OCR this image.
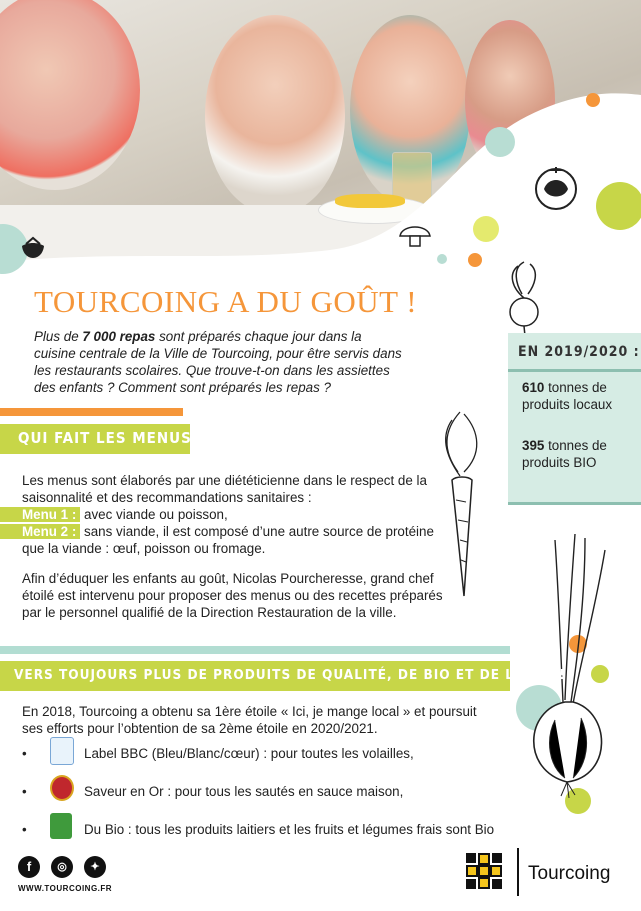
TOURCOING A DU GOÛT !
Plus de 7 000 repas sont préparés chaque jour dans la cuisine centrale de la Ville de Tourcoing, pour être servis dans les restaurants scolaires. Que trouve-t-on dans les assiettes des enfants ? Comment sont préparés les repas ?
EN 2019/2020 :
610 tonnes de produits locaux
395 tonnes de produits BIO
QUI FAIT LES MENUS ?
Les menus sont élaborés par une diététicienne dans le respect de la saisonnalité et des recommandations sanitaires :
Menu 1 : avec viande ou poisson,
Menu 2 : sans viande, il est composé d’une autre source de protéine que la viande : œuf, poisson ou fromage.
Afin d’éduquer les enfants au goût, Nicolas Pourcheresse, grand chef étoilé est intervenu pour proposer des menus ou des recettes préparés par le personnel qualifié de la Direction Restauration de la ville.
VERS TOUJOURS PLUS DE PRODUITS DE QUALITÉ, DE BIO ET DE LOCAL !
En 2018, Tourcoing a obtenu sa 1ère étoile « Ici, je mange local » et poursuit ses efforts pour l’obtention de sa 2ème étoile en 2020/2021.
•	Label BBC (Bleu/Blanc/cœur) : pour toutes les volailles,
•	Saveur en Or : pour tous les sautés en sauce maison,
•	Du Bio : tous les produits laitiers et les fruits et légumes frais sont Bio
f	◎	✦
WWW.TOURCOING.FR
Tourcoing
